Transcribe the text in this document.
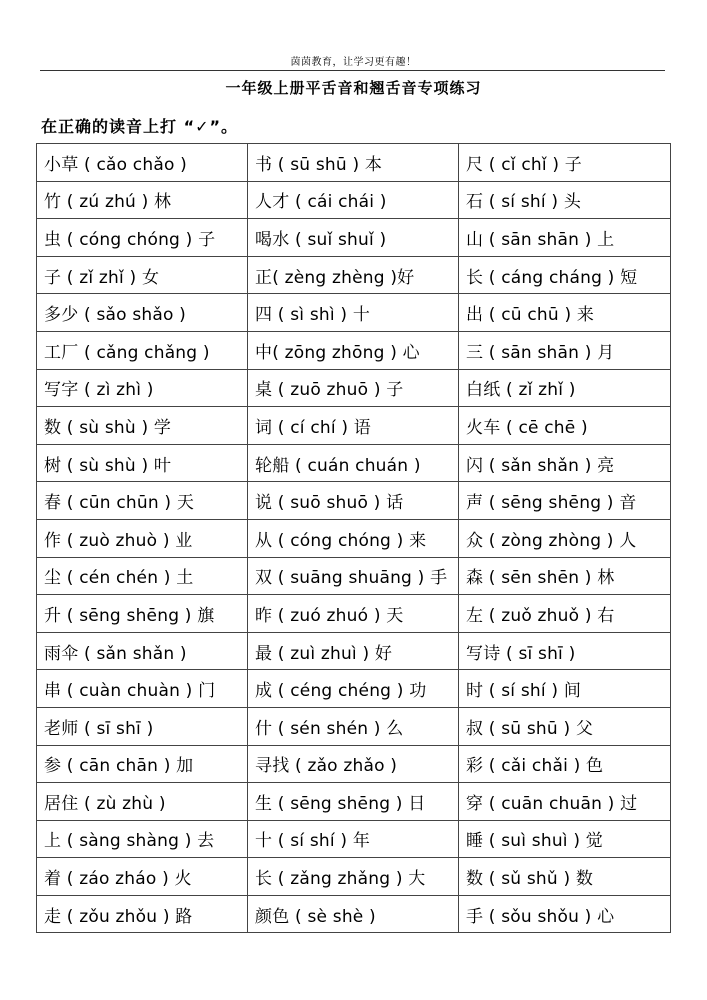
茵茵教育，让学习更有趣！
一年级上册平舌音和翘舌音专项练习
在正确的读音上打 “✓”。
小草 ( cǎo chǎo )	书 ( sū shū ) 本	尺 ( cǐ chǐ ) 子
竹 ( zú zhú ) 林	人才 ( cái chái )	石 ( sí shí ) 头
虫 ( cóng chóng ) 子	喝水 ( suǐ shuǐ )	山 ( sān shān ) 上
子 ( zǐ zhǐ ) 女	正( zèng zhèng )好	长 ( cáng cháng ) 短
多少 ( sǎo shǎo )	四 ( sì shì ) 十	出 ( cū chū ) 来
工厂 ( cǎng chǎng )	中( zōng zhōng ) 心	三 ( sān shān ) 月
写字 ( zì zhì )	桌 ( zuō zhuō ) 子	白纸 ( zǐ zhǐ )
数 ( sù shù ) 学	词 ( cí chí ) 语	火车 ( cē chē )
树 ( sù shù ) 叶	轮船 ( cuán chuán )	闪 ( sǎn shǎn ) 亮
春 ( cūn chūn ) 天	说 ( suō shuō ) 话	声 ( sēng shēng ) 音
作 ( zuò zhuò ) 业	从 ( cóng chóng ) 来	众 ( zòng zhòng ) 人
尘 ( cén chén ) 土	双 ( suāng shuāng ) 手	森 ( sēn shēn ) 林
升 ( sēng shēng ) 旗	昨 ( zuó zhuó ) 天	左 ( zuǒ zhuǒ ) 右
雨伞 ( sǎn shǎn )	最 ( zuì zhuì ) 好	写诗 ( sī shī )
串 ( cuàn chuàn ) 门	成 ( céng chéng ) 功	时 ( sí shí ) 间
老师 ( sī shī )	什 ( sén shén ) 么	叔 ( sū shū ) 父
参 ( cān chān ) 加	寻找 ( zǎo zhǎo )	彩 ( cǎi chǎi ) 色
居住 ( zù zhù )	生 ( sēng shēng ) 日	穿 ( cuān chuān ) 过
上 ( sàng shàng ) 去	十 ( sí shí ) 年	睡 ( suì shuì ) 觉
着 ( záo zháo ) 火	长 ( zǎng zhǎng ) 大	数 ( sǔ shǔ ) 数
走 ( zǒu zhǒu ) 路	颜色 ( sè shè )	手 ( sǒu shǒu ) 心
